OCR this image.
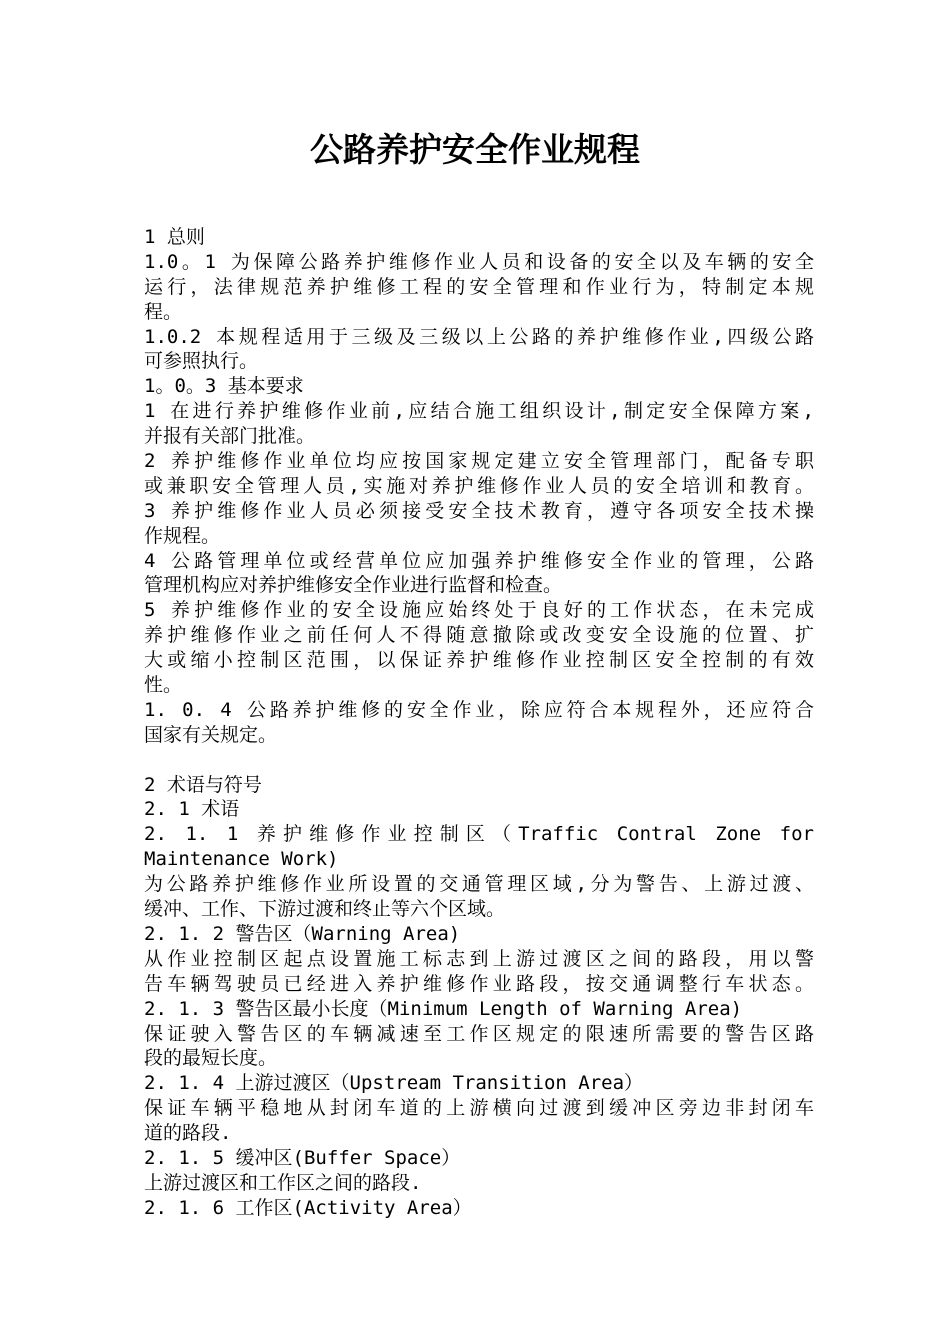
公路养护安全作业规程
1 总则
1.0。1 为保障公路养护维修作业人员和设备的安全以及车辆的安全
运行，法律规范养护维修工程的安全管理和作业行为，特制定本规
程。
1.0.2 本规程适用于三级及三级以上公路的养护维修作业,四级公路
可参照执行。
1。0。3 基本要求
1 在进行养护维修作业前,应结合施工组织设计,制定安全保障方案,
并报有关部门批准。
2 养护维修作业单位均应按国家规定建立安全管理部门，配备专职
或兼职安全管理人员,实施对养护维修作业人员的安全培训和教育。
3 养护维修作业人员必须接受安全技术教育，遵守各项安全技术操
作规程。
4 公路管理单位或经营单位应加强养护维修安全作业的管理，公路
管理机构应对养护维修安全作业进行监督和检查。
5 养护维修作业的安全设施应始终处于良好的工作状态，在未完成
养护维修作业之前任何人不得随意撤除或改变安全设施的位置、扩
大或缩小控制区范围，以保证养护维修作业控制区安全控制的有效
性。
1. 0. 4 公路养护维修的安全作业，除应符合本规程外，还应符合
国家有关规定。
2 术语与符号
2. 1 术语
2. 1. 1 养护维修作业控制区（Traffic Contral Zone for
Maintenance Work)
为公路养护维修作业所设置的交通管理区域,分为警告、上游过渡、
缓冲、工作、下游过渡和终止等六个区域。
2. 1. 2 警告区（Warning Area)
从作业控制区起点设置施工标志到上游过渡区之间的路段，用以警
告车辆驾驶员已经进入养护维修作业路段，按交通调整行车状态。
2. 1. 3 警告区最小长度（Minimum Length of Warning Area)
保证驶入警告区的车辆减速至工作区规定的限速所需要的警告区路
段的最短长度。
2. 1. 4 上游过渡区（Upstream Transition Area）
保证车辆平稳地从封闭车道的上游横向过渡到缓冲区旁边非封闭车
道的路段.
2. 1. 5 缓冲区(Buffer Space）
上游过渡区和工作区之间的路段.
2. 1. 6 工作区(Activity Area）
